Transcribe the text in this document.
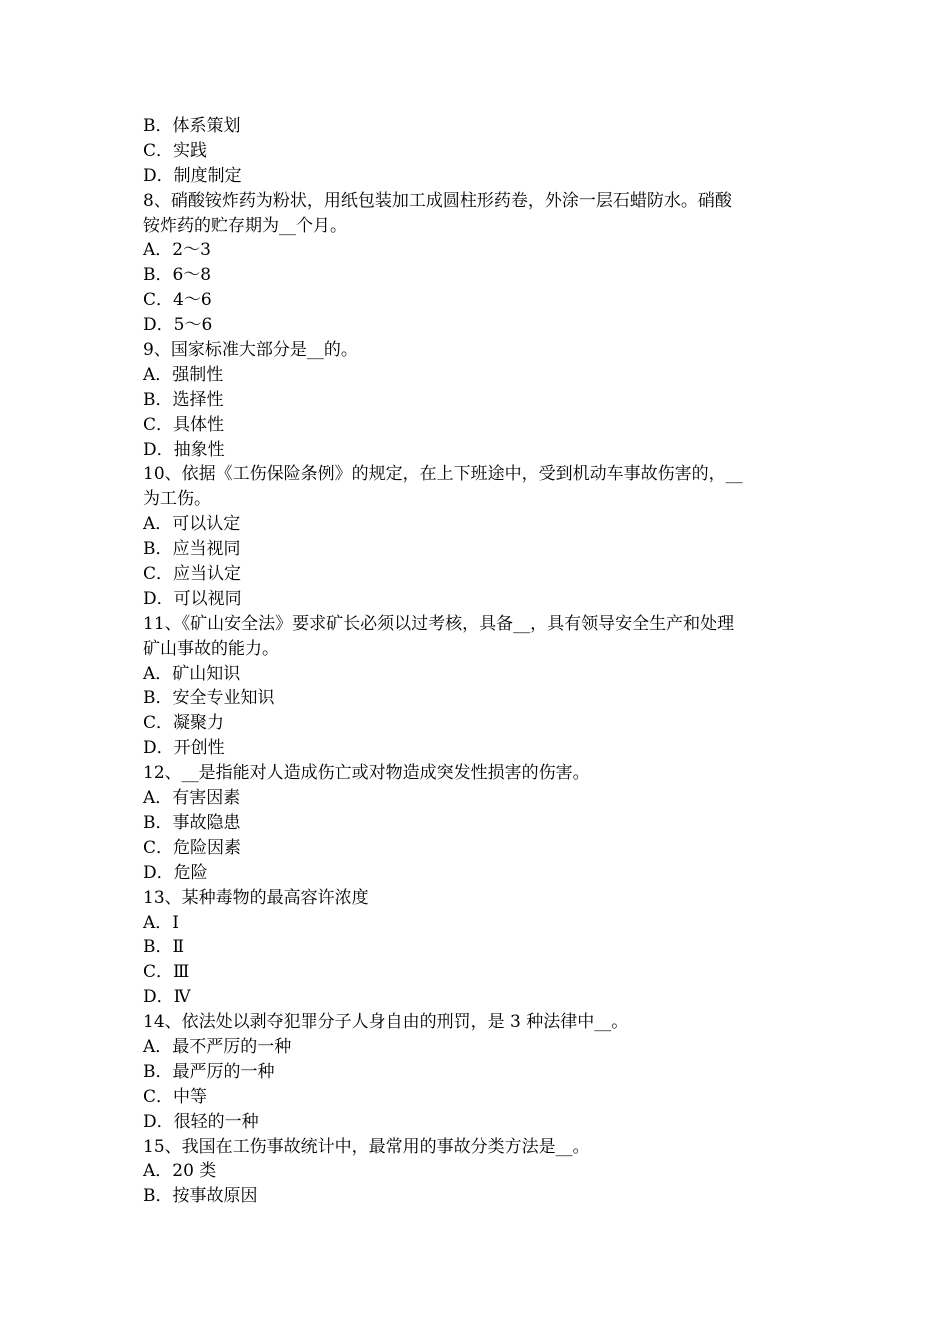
B．体系策划
C．实践
D．制度制定
8、硝酸铵炸药为粉状，用纸包装加工成圆柱形药卷，外涂一层石蜡防水。硝酸
铵炸药的贮存期为__个月。
A．2～3
B．6～8
C．4～6
D．5～6
9、国家标准大部分是__的。
A．强制性
B．选择性
C．具体性
D．抽象性
10、依据《工伤保险条例》的规定，在上下班途中，受到机动车事故伤害的，__
为工伤。
A．可以认定
B．应当视同
C．应当认定
D．可以视同
11、《矿山安全法》要求矿长必须以过考核，具备__，具有领导安全生产和处理
矿山事故的能力。
A．矿山知识
B．安全专业知识
C．凝聚力
D．开创性
12、__是指能对人造成伤亡或对物造成突发性损害的伤害。
A．有害因素
B．事故隐患
C．危险因素
D．危险
13、某种毒物的最高容许浓度
A．Ⅰ
B．Ⅱ
C．Ⅲ
D．Ⅳ
14、依法处以剥夺犯罪分子人身自由的刑罚，是 3 种法律中__。
A．最不严厉的一种
B．最严厉的一种
C．中等
D．很轻的一种
15、我国在工伤事故统计中，最常用的事故分类方法是__。
A．20 类
B．按事故原因
